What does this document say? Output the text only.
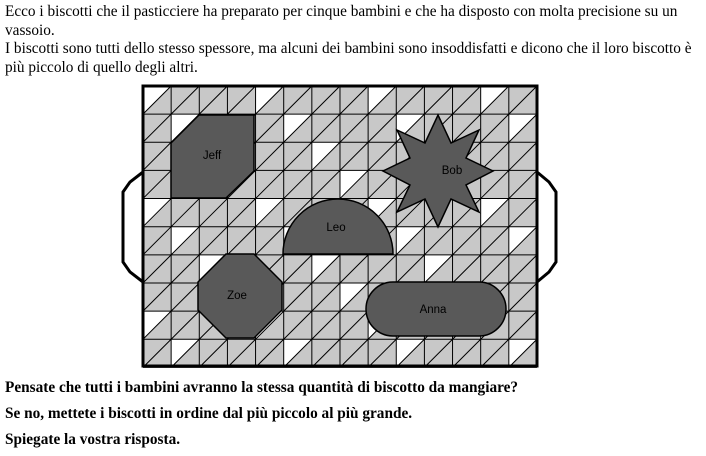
Ecco i biscotti che il pasticciere ha preparato per cinque bambini e che ha disposto con molta precisione su un vassoio.

I biscotti sono tutti dello stesso spessore, ma alcuni dei bambini sono insoddisfatti e dicono che il loro biscotto è più piccolo di quello degli altri.

Jeff
Bob
Leo
Zoe
Anna

Pensate che tutti i bambini avranno la stessa quantità di biscotto da mangiare?

Se no, mettete i biscotti in ordine dal più piccolo al più grande.

Spiegate la vostra risposta.
